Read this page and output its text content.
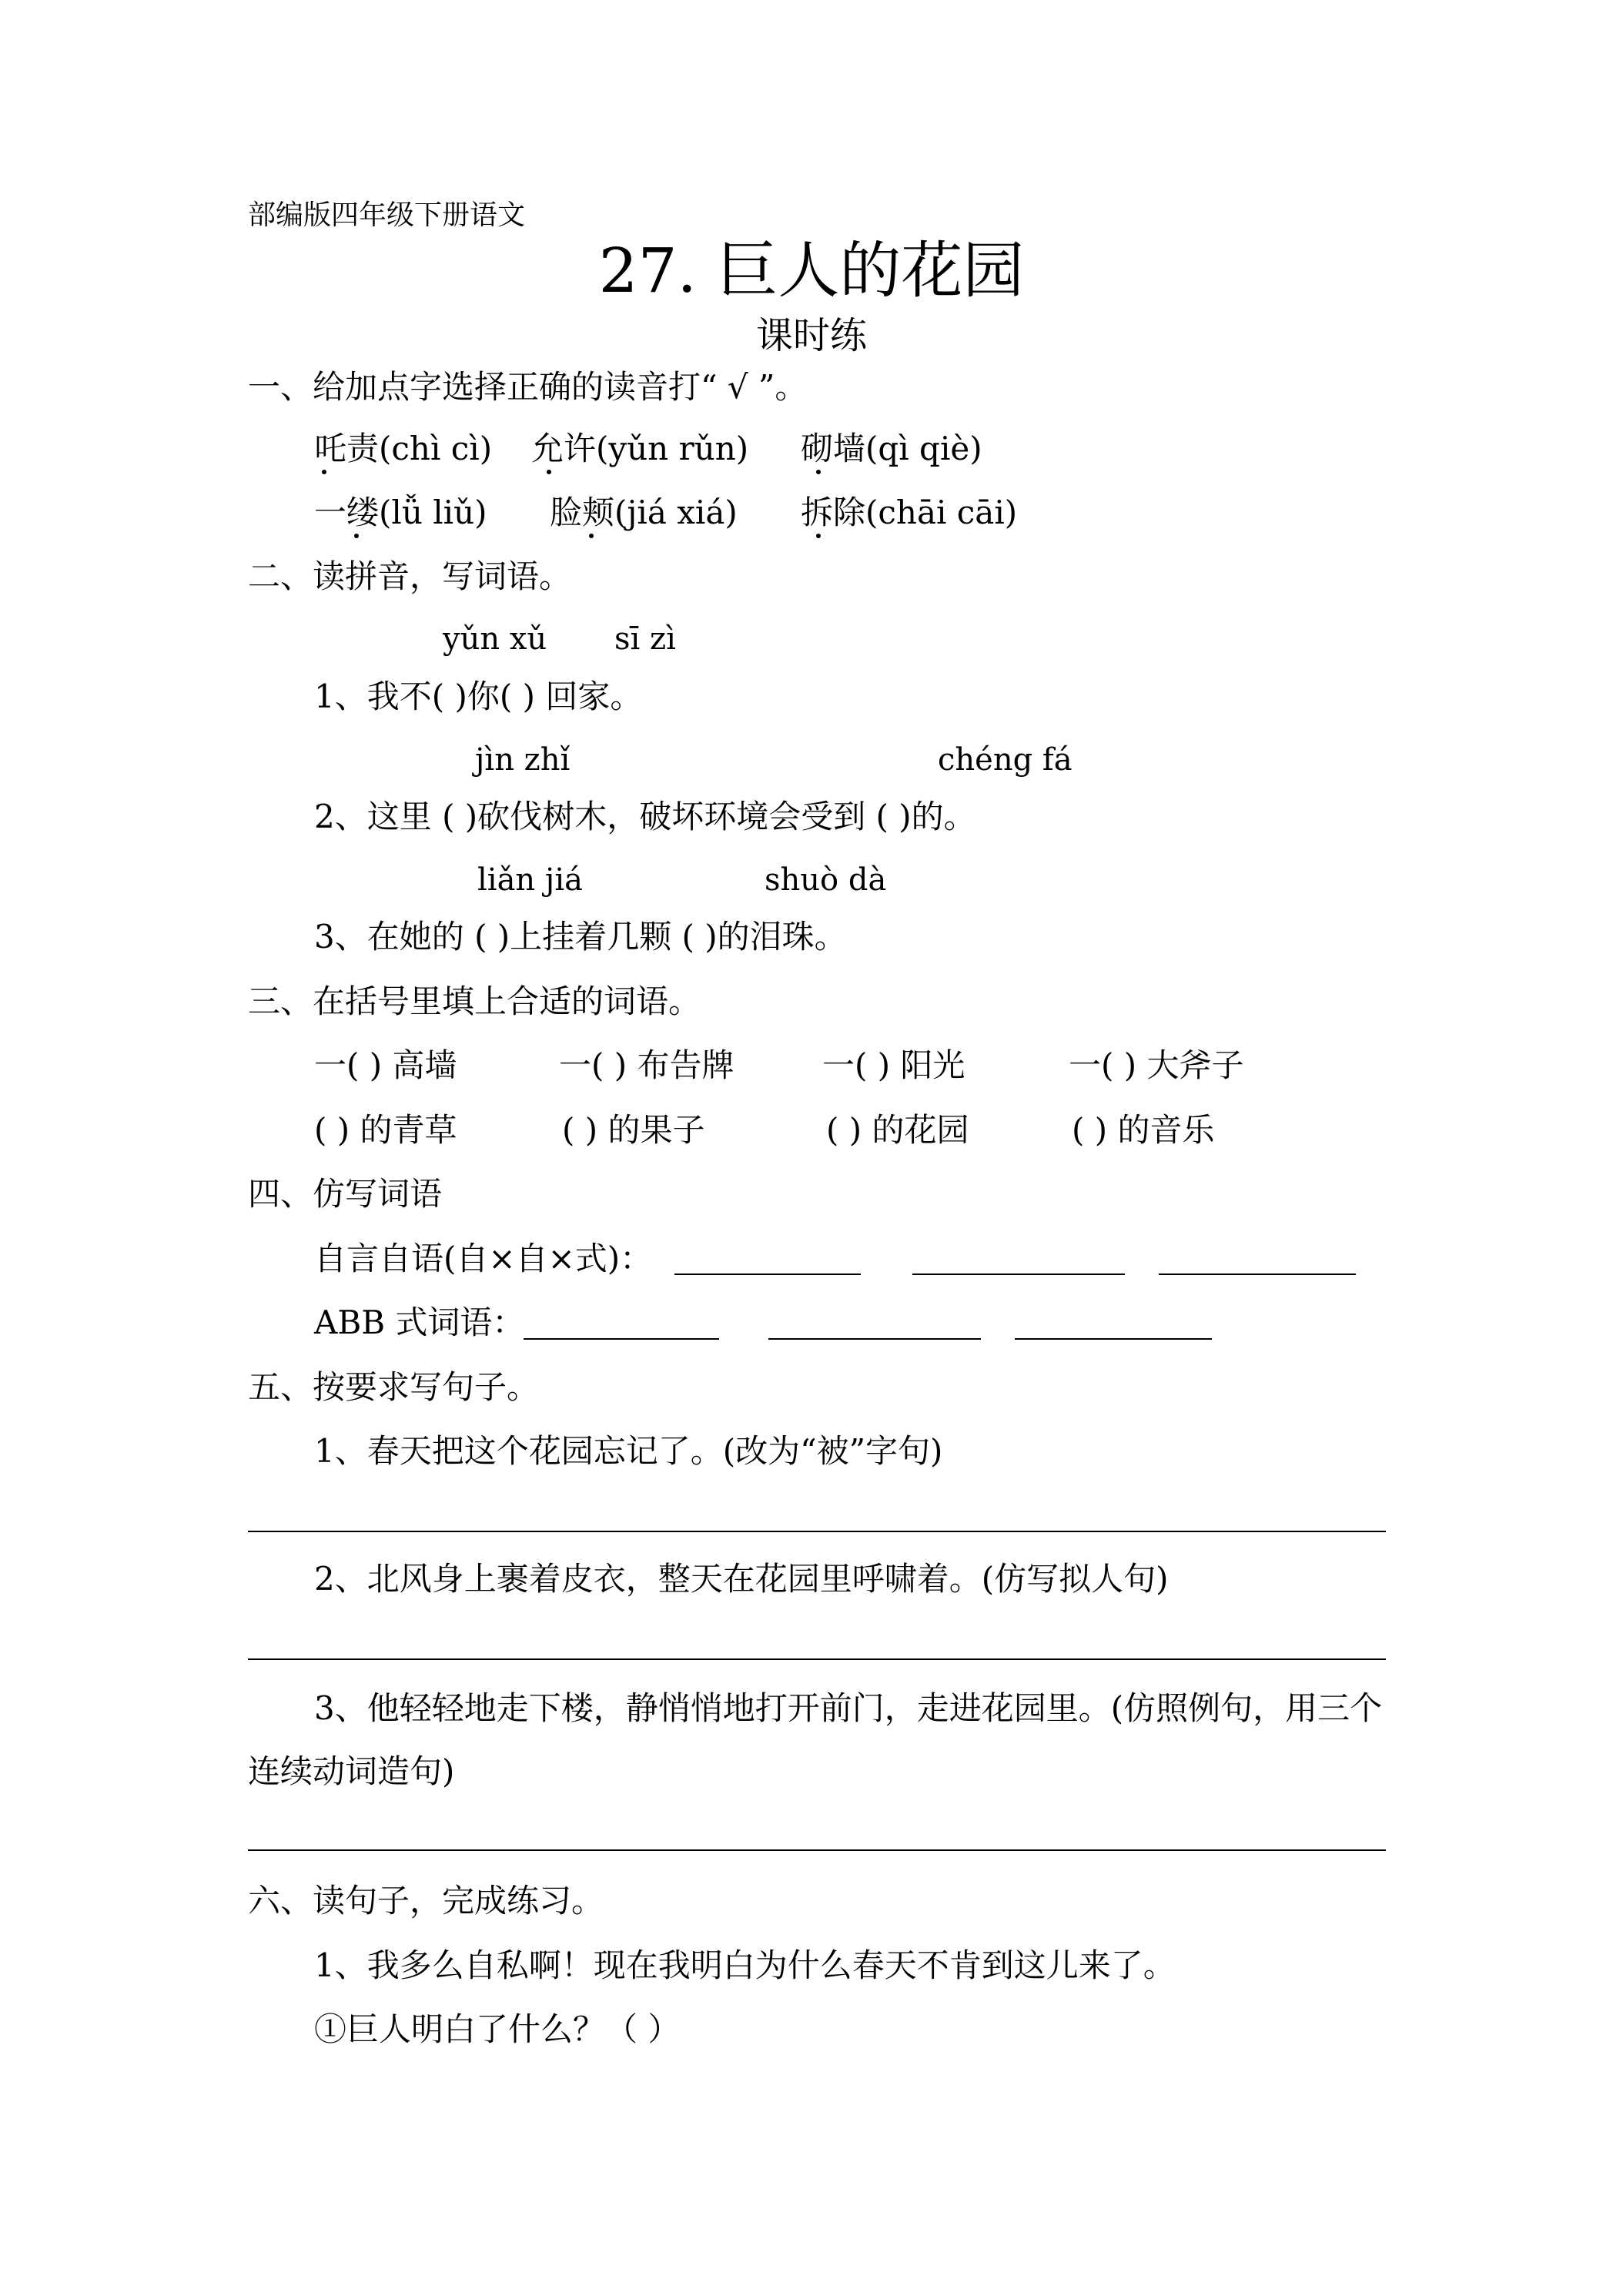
部编版四年级下册语文
27. 巨人的花园
课时练
一、给加点字选择正确的读音打“ √ ”。
吒责(chì cì) 允许(yǔn rǔn) 砌墙(qì qiè)
一缕(lǚ liǔ) 脸颊(jiá xiá) 拆除(chāi cāi)
二、读拼音，写词语。
yǔn xǔ sī zì
1、我不( )你( ) 回家。
jìn zhǐ	chéng fá
2、这里 ( )砍伐树木，破坏环境会受到 ( )的。
liǎn jiá	shuò dà
3、在她的 ( )上挂着几颗 ( )的泪珠。
三、在括号里填上合适的词语。
一( ) 高墙	一( ) 布告牌	一( ) 阳光	一( ) 大斧子
( ) 的青草	( ) 的果子	( ) 的花园	( ) 的音乐
四、仿写词语
自言自语(自×自×式)：
ABB 式词语：
五、按要求写句子。
1、春天把这个花园忘记了。(改为“被”字句)
2、北风身上裹着皮衣，整天在花园里呼啸着。(仿写拟人句)
3、他轻轻地走下楼，静悄悄地打开前门，走进花园里。(仿照例句，用三个
连续动词造句)
六、读句子，完成练习。
1、我多么自私啊！现在我明白为什么春天不肯到这儿来了。
①巨人明白了什么？（ ）
